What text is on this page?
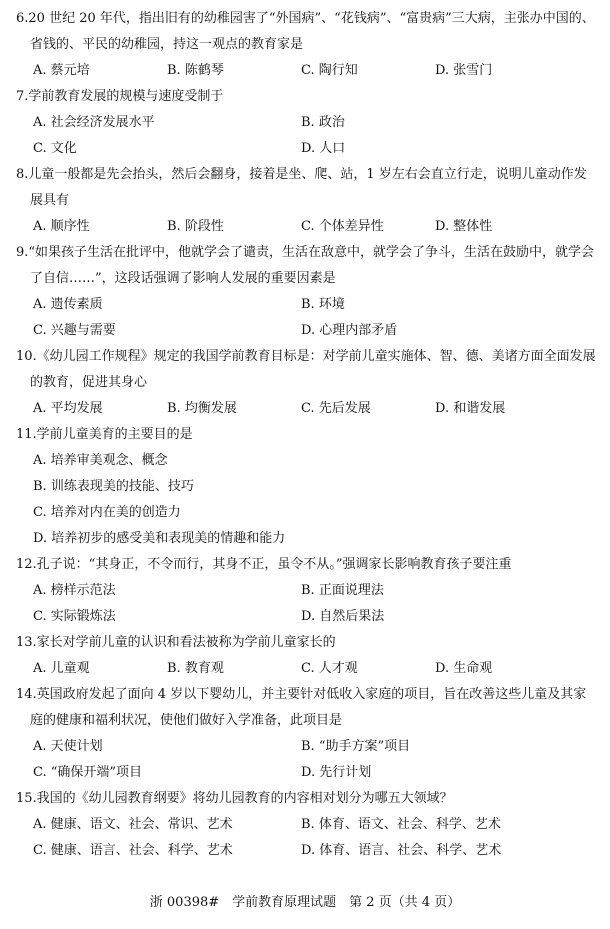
6.20 世纪 20 年代，指出旧有的幼稚园害了“外国病”、“花钱病”、“富贵病”三大病，主张办中国的、省钱的、平民的幼稚园，持这一观点的教育家是
A. 蔡元培	B. 陈鹤琴	C. 陶行知	D. 张雪门
7.学前教育发展的规模与速度受制于
A. 社会经济发展水平	B. 政治
C. 文化	D. 人口
8.儿童一般都是先会抬头，然后会翻身，接着是坐、爬、站，1 岁左右会直立行走，说明儿童动作发展具有
A. 顺序性	B. 阶段性	C. 个体差异性	D. 整体性
9.“如果孩子生活在批评中，他就学会了谴责，生活在敌意中，就学会了争斗，生活在鼓励中，就学会了自信……”，这段话强调了影响人发展的重要因素是
A. 遗传素质	B. 环境
C. 兴趣与需要	D. 心理内部矛盾
10.《幼儿园工作规程》规定的我国学前教育目标是：对学前儿童实施体、智、德、美诸方面全面发展的教育，促进其身心
A. 平均发展	B. 均衡发展	C. 先后发展	D. 和谐发展
11.学前儿童美育的主要目的是
A. 培养审美观念、概念
B. 训练表现美的技能、技巧
C. 培养对内在美的创造力
D. 培养初步的感受美和表现美的情趣和能力
12.孔子说：“其身正，不令而行，其身不正，虽令不从。”强调家长影响教育孩子要注重
A. 榜样示范法	B. 正面说理法
C. 实际锻炼法	D. 自然后果法
13.家长对学前儿童的认识和看法被称为学前儿童家长的
A. 儿童观	B. 教育观	C. 人才观	D. 生命观
14.英国政府发起了面向 4 岁以下婴幼儿，并主要针对低收入家庭的项目，旨在改善这些儿童及其家庭的健康和福利状况，使他们做好入学准备，此项目是
A. 天使计划	B. “助手方案”项目
C. “确保开端”项目	D. 先行计划
15.我国的《幼儿园教育纲要》将幼儿园教育的内容相对划分为哪五大领域？
A. 健康、语文、社会、常识、艺术	B. 体育、语文、社会、科学、艺术
C. 健康、语言、社会、科学、艺术	D. 体育、语言、社会、科学、艺术
浙 00398#　学前教育原理试题　第 2 页（共 4 页）
